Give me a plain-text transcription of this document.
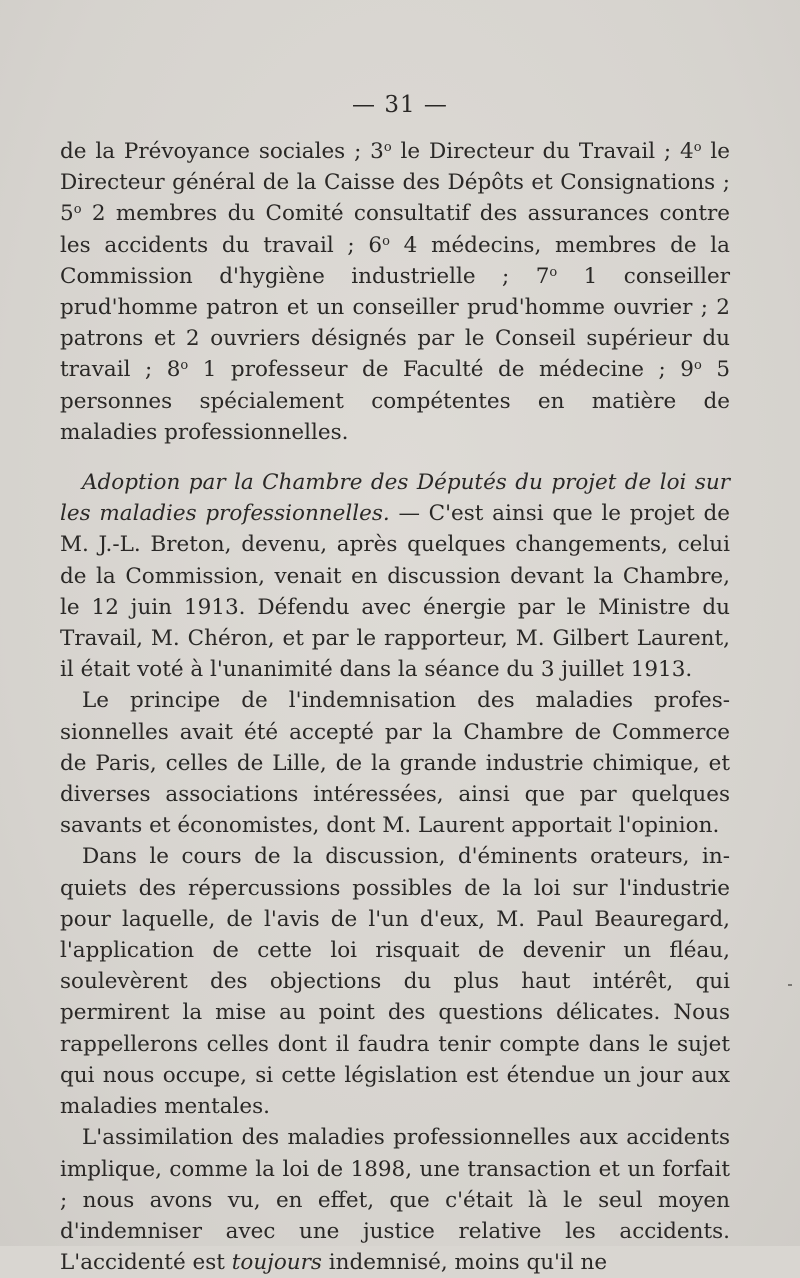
— 31 —

de la Prévoyance sociales ; 3$^o$ le Directeur du Travail ; 4$^o$ le Directeur général de la Caisse des Dépôts et Consignations ; 5$^o$ 2 membres du Comité consultatif des assurances contre les accidents du travail ; 6$^o$ 4 médecins, membres de la Commission d'hygiène industrielle ; 7$^o$ 1 conseiller prud'homme patron et un conseiller prud'homme ouvrier ; 2 patrons et 2 ouvriers désignés par le Conseil supérieur du travail ; 8$^o$ 1 professeur de Faculté de médecine ; 9$^o$ 5 personnes spécialement compétentes en matière de maladies professionnelles.

Adoption par la Chambre des Députés du projet de loi sur les maladies professionnelles. — C'est ainsi que le projet de M. J.-L. Breton, devenu, après quelques changements, celui de la Commission, venait en discussion devant la Chambre, le 12 juin 1913. Défendu avec énergie par le Ministre du Travail, M. Chéron, et par le rapporteur, M. Gilbert Laurent, il était voté à l'unanimité dans la séance du 3 juillet 1913.

Le principe de l'indemnisation des maladies professionnelles avait été accepté par la Chambre de Commerce de Paris, celles de Lille, de la grande industrie chimique, et diverses associations intéressées, ainsi que par quelques savants et économistes, dont M. Laurent apportait l'opinion.

Dans le cours de la discussion, d'éminents orateurs, inquiets des répercussions possibles de la loi sur l'industrie pour laquelle, de l'avis de l'un d'eux, M. Paul Beauregard, l'application de cette loi risquait de devenir un fléau, soulevèrent des objections du plus haut intérêt, qui permirent la mise au point des questions délicates. Nous rappellerons celles dont il faudra tenir compte dans le sujet qui nous occupe, si cette législation est étendue un jour aux maladies mentales.

L'assimilation des maladies professionnelles aux accidents implique, comme la loi de 1898, une transaction et un forfait ; nous avons vu, en effet, que c'était là le seul moyen d'indemniser avec une justice relative les accidents. L'accidenté est toujours indemnisé, moins qu'il ne
